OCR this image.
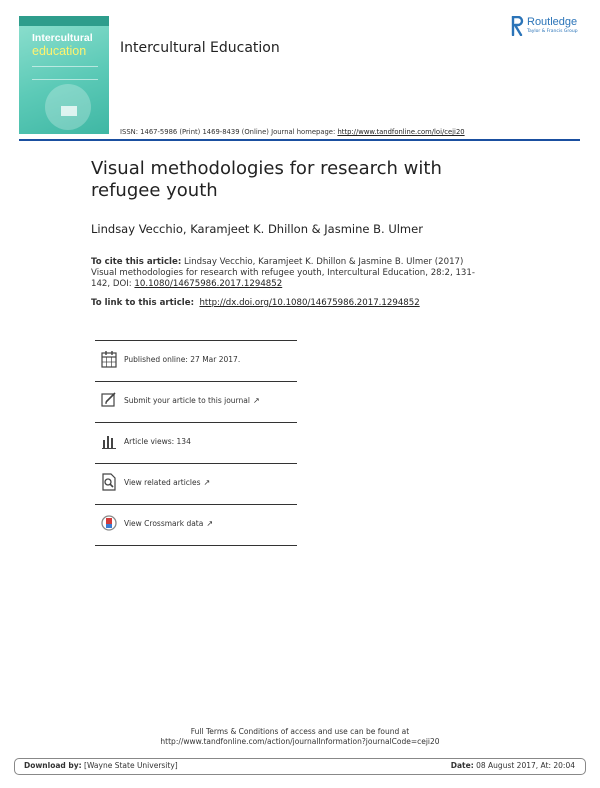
Intercultural
education Intercultural Education
Routledge
Taylor & Francis Group
ISSN: 1467-5986 (Print) 1469-8439 (Online) Journal homepage: http://www.tandfonline.com/loi/ceji20
Visual methodologies for research with refugee youth
Lindsay Vecchio, Karamjeet K. Dhillon & Jasmine B. Ulmer
To cite this article: Lindsay Vecchio, Karamjeet K. Dhillon & Jasmine B. Ulmer (2017) Visual methodologies for research with refugee youth, Intercultural Education, 28:2, 131-142, DOI: 10.1080/14675986.2017.1294852
To link to this article: http://dx.doi.org/10.1080/14675986.2017.1294852
Published online: 27 Mar 2017.
Submit your article to this journal ↗
Article views: 134
View related articles ↗
View Crossmark data ↗
Full Terms & Conditions of access and use can be found at
http://www.tandfonline.com/action/journalInformation?journalCode=ceji20
Download by: [Wayne State University]	Date: 08 August 2017, At: 20:04
